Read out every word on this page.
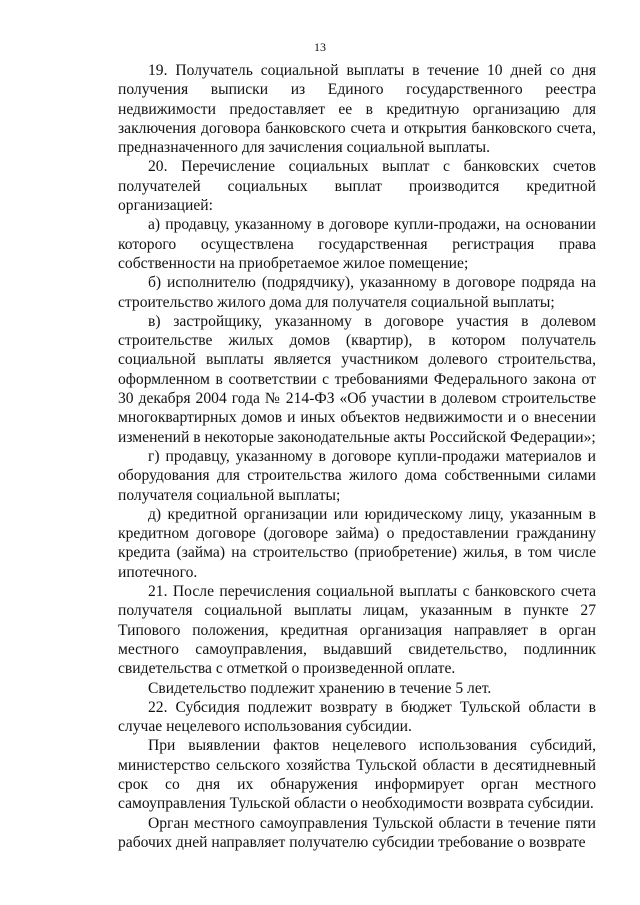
13

19. Получатель социальной выплаты в течение 10 дней со дня получения выписки из Единого государственного реестра недвижимости предоставляет ее в кредитную организацию для заключения договора банковского счета и открытия банковского счета, предназначенного для зачисления социальной выплаты.

20. Перечисление социальных выплат с банковских счетов получателей социальных выплат производится кредитной организацией:

а) продавцу, указанному в договоре купли-продажи, на основании которого осуществлена государственная регистрация права собственности на приобретаемое жилое помещение;

б) исполнителю (подрядчику), указанному в договоре подряда на строительство жилого дома для получателя социальной выплаты;

в) застройщику, указанному в договоре участия в долевом строительстве жилых домов (квартир), в котором получатель социальной выплаты является участником долевого строительства, оформленном в соответствии с требованиями Федерального закона от 30 декабря 2004 года № 214-ФЗ «Об участии в долевом строительстве многоквартирных домов и иных объектов недвижимости и о внесении изменений в некоторые законодательные акты Российской Федерации»;

г) продавцу, указанному в договоре купли-продажи материалов и оборудования для строительства жилого дома собственными силами получателя социальной выплаты;

д) кредитной организации или юридическому лицу, указанным в кредитном договоре (договоре займа) о предоставлении гражданину кредита (займа) на строительство (приобретение) жилья, в том числе ипотечного.

21. После перечисления социальной выплаты с банковского счета получателя социальной выплаты лицам, указанным в пункте 27 Типового положения, кредитная организация направляет в орган местного самоуправления, выдавший свидетельство, подлинник свидетельства с отметкой о произведенной оплате.

Свидетельство подлежит хранению в течение 5 лет.

22. Субсидия подлежит возврату в бюджет Тульской области в случае нецелевого использования субсидии.

При выявлении фактов нецелевого использования субсидий, министерство сельского хозяйства Тульской области в десятидневный срок со дня их обнаружения информирует орган местного самоуправления Тульской области о необходимости возврата субсидии.

Орган местного самоуправления Тульской области в течение пяти рабочих дней направляет получателю субсидии требование о возврате
